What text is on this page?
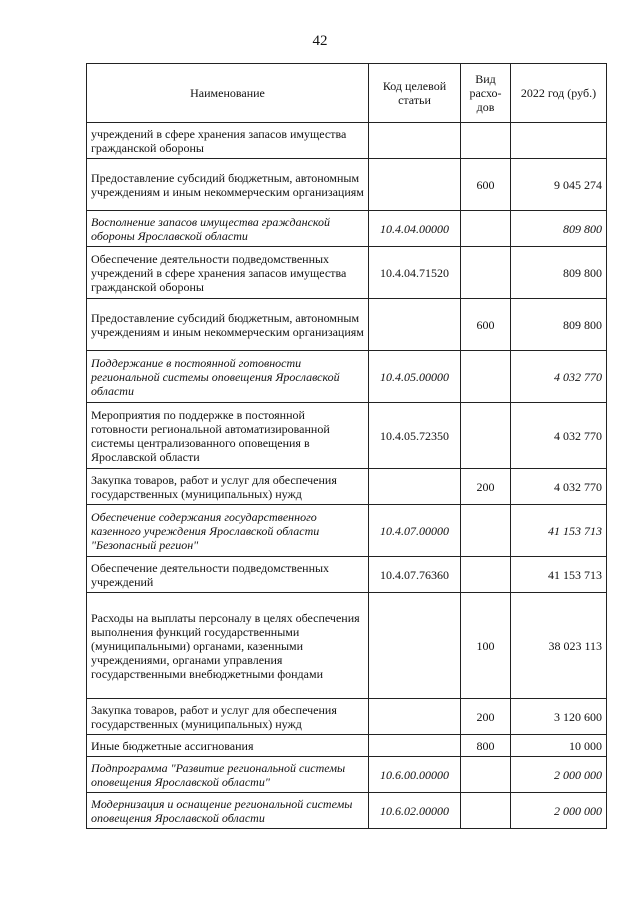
42
Наименование	Код целевой статьи	Вид расхо-дов	2022 год (руб.)
учреждений в сфере хранения запасов имущества гражданской обороны			
Предоставление субсидий бюджетным, автономным учреждениям и иным некоммерческим организациям		600	9 045 274
Восполнение запасов имущества гражданской обороны Ярославской области	10.4.04.00000		809 800
Обеспечение деятельности подведомственных учреждений в сфере хранения запасов имущества гражданской обороны	10.4.04.71520		809 800
Предоставление субсидий бюджетным, автономным учреждениям и иным некоммерческим организациям		600	809 800
Поддержание в постоянной готовности региональной системы оповещения Ярославской области	10.4.05.00000		4 032 770
Мероприятия по поддержке в постоянной готовности региональной автоматизированной системы централизованного оповещения в Ярославской области	10.4.05.72350		4 032 770
Закупка товаров, работ и услуг для обеспечения государственных (муниципальных) нужд		200	4 032 770
Обеспечение содержания государственного казенного учреждения Ярославской области "Безопасный регион"	10.4.07.00000		41 153 713
Обеспечение деятельности подведомственных учреждений	10.4.07.76360		41 153 713
Расходы на выплаты персоналу в целях обеспечения выполнения функций государственными (муниципальными) органами, казенными учреждениями, органами управления государственными внебюджетными фондами		100	38 023 113
Закупка товаров, работ и услуг для обеспечения государственных (муниципальных) нужд		200	3 120 600
Иные бюджетные ассигнования		800	10 000
Подпрограмма "Развитие региональной системы оповещения Ярославской области"	10.6.00.00000		2 000 000
Модернизация и оснащение региональной системы оповещения Ярославской области	10.6.02.00000		2 000 000
